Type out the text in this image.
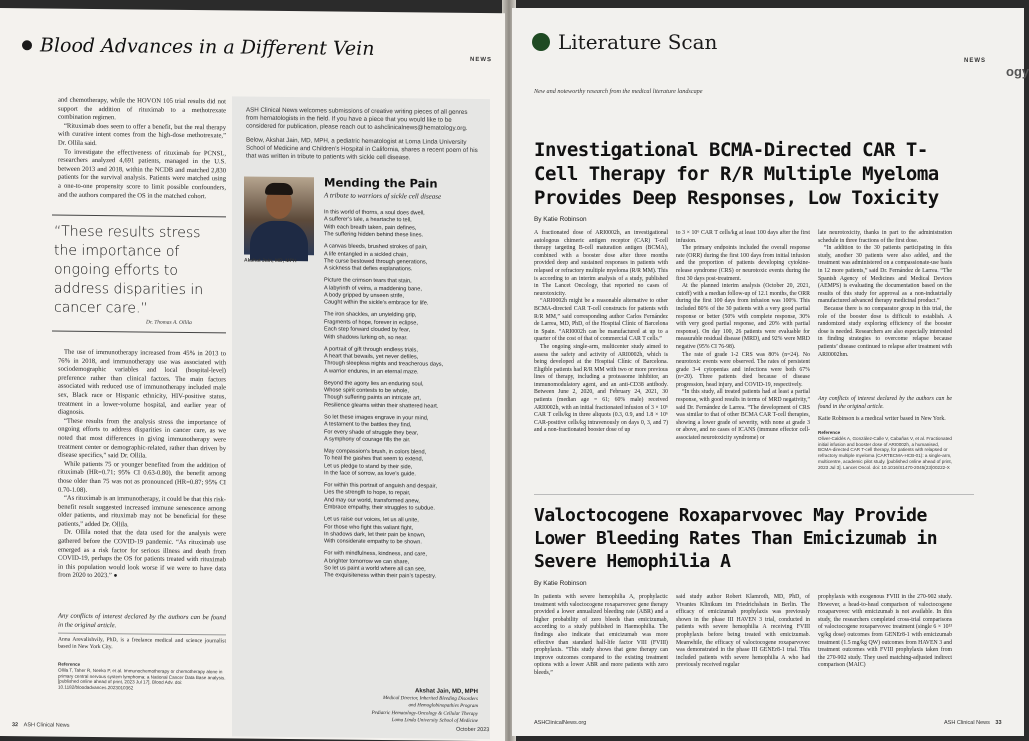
Blood Advances in a Different Vein
NEWS

and chemotherapy, while the HOVON 105 trial results did not support the addition of rituximab to a methotrexate combination regimen.

“Rituximab does seem to offer a benefit, but the real therapy with curative intent comes from the high-dose methotrexate,” Dr. Ollila said.

To investigate the effectiveness of rituximab for PCNSL, researchers analyzed 4,691 patients, managed in the U.S. between 2013 and 2018, within the NCDB and matched 2,830 patients for the survival analysis. Patients were matched using a one-to-one propensity score to limit possible confounders, and the authors compared the OS in the matched cohort.

“These results stress the importance of ongoing efforts to address disparities in cancer care.”
Dr. Thomas A. Ollila

The use of immunotherapy increased from 45% in 2013 to 76% in 2018, and immunotherapy use was associated with sociodemographic variables and local (hospital-level) preference rather than clinical factors. The main factors associated with reduced use of immunotherapy included male sex, Black race or Hispanic ethnicity, HIV-positive status, treatment in a lower-volume hospital, and earlier year of diagnosis.

“These results from the analysis stress the importance of ongoing efforts to address disparities in cancer care, as we noted that most differences in giving immunotherapy were treatment center or demographic-related, rather than driven by disease specifics,” said Dr. Ollila.

While patients 75 or younger benefited from the addition of rituximab (HR=0.71; 95% CI 0.63-0.80), the benefit among those older than 75 was not as pronounced (HR=0.87; 95% CI 0.70-1.08).

“As rituximab is an immunotherapy, it could be that this risk-benefit result suggested increased immune senescence among older patients, and rituximab may not be beneficial for these patients,” added Dr. Ollila.

Dr. Ollila noted that the data used for the analysis were gathered before the COVID-19 pandemic. “As rituximab use emerged as a risk factor for serious illness and death from COVID-19, perhaps the OS for patients treated with rituximab in this population would look worse if we were to have data from 2020 to 2023.” ●

Any conflicts of interest declared by the authors can be found in the original article.
Anna Arevalishvily, PhD, is a freelance medical and science journalist based in New York City.
Reference
Ollila T, Taher R, Neeko P, et al. Immunochemotherapy or chemotherapy alone in primary central nervous system lymphoma: a National Cancer Data Base analysis. [published online ahead of print, 2023 Jul 17]. Blood Adv. doi: 10.1182/bloodadvances.2023010362
ASH Clinical News welcomes submissions of creative writing pieces of all genres from hematologists in the field. If you have a piece that you would like to be considered for publication, please reach out to ashclinicalnews@hematology.org.
Below, Akshat Jain, MD, MPH, a pediatric hematologist at Loma Linda University School of Medicine and Children’s Hospital in California, shares a recent poem of his that was written in tribute to patients with sickle cell disease.
Akshat Jain, MD, MPH
Mending the Pain
A tribute to warriors of sickle cell disease
In this world of thorns, a soul does dwell,
A sufferer’s tale, a heartache to tell,
With each breath taken, pain defines,
The suffering hidden behind these lines.
A canvas bleeds, brushed strokes of pain,
A life entangled in a sickled chain,
The curse bestowed through generations,
A sickness that defies explanations.
Picture the crimson tears that stain,
A labyrinth of veins, a maddening bane,
A body gripped by unseen strife,
Caught within the sickle’s embrace for life.
The iron shackles, an unyielding grip,
Fragments of hope, forever in eclipse,
Each step forward clouded by fear,
With shadows lurking oh, so near.
A portrait of gift through endless trials,
A heart that bewails, yet never defiles,
Through sleepless nights and treacherous days,
A warrior endures, in an eternal maze.
Beyond the agony lies an enduring soul,
Whose spirit contests to be whole,
Though suffering paints an intricate art,
Resilience gleams within their shattered heart.
So let these images engrave in your mind,
A testament to the battles they find,
For every shade of struggle they bear,
A symphony of courage fills the air.
May compassion’s brush, in colors blend,
To heal the gashes that seem to extend,
Let us pledge to stand by their side,
In the face of sorrow, as love’s guide.
For within this portrait of anguish and despair,
Lies the strength to hope, to repair,
And may our world, transformed anew,
Embrace empathy, their struggles to subdue.
Let us raise our voices, let us all unite,
For those who fight this valiant fight,
In shadows dark, let their pain be known,
With considerate empathy to be shown.
For with mindfulness, kindness, and care,
A brighter tomorrow we can share,
So let us paint a world where all can see,
The exquisiteness within their pain’s tapestry.
Akshat Jain, MD, MPH
Medical Director, Inherited Bleeding Disorders
and Hemoglobinopathies Program
Pediatric Hematology-Oncology & Cellular Therapy
Loma Linda University School of Medicine
32 ASH Clinical News
October 2023
Literature Scan
NEWS
ogy
New and noteworthy research from the medical literature landscape
Investigational BCMA-Directed CAR T-Cell Therapy for R/R Multiple Myeloma Provides Deep Responses, Low Toxicity
By Katie Robinson

A fractionated dose of ARI0002h, an investigational autologous chimeric antigen receptor (CAR) T-cell therapy targeting B-cell maturation antigen (BCMA), combined with a booster dose after three months provided deep and sustained responses in patients with relapsed or refractory multiple myeloma (R/R MM). This is according to an interim analysis of a study, published in The Lancet Oncology, that reported no cases of neurotoxicity.

“ARI0002h might be a reasonable alternative to other BCMA-directed CAR T-cell constructs for patients with R/R MM,” said corresponding author Carlos Fernández de Larrea, MD, PhD, of the Hospital Clínic of Barcelona in Spain. “ARI0002h can be manufactured at up to a quarter of the cost of that of commercial CAR T cells.”

The ongoing single-arm, multicenter study aimed to assess the safety and activity of ARI0002h, which is being developed at the Hospital Clínic of Barcelona. Eligible patients had R/R MM with two or more previous lines of therapy, including a proteasome inhibitor, an immunomodulatory agent, and an anti-CD38 antibody. Between June 2, 2020, and February 24, 2021, 30 patients (median age = 61; 60% male) received ARI0002h, with an initial fractionated infusion of 3 × 10⁶ CAR T cells/kg in three aliquots (0.3, 0.9, and 1.8 × 10⁶ CAR-positive cells/kg intravenously on days 0, 3, and 7) and a non-fractionated booster dose of up

to 3 × 10⁶ CAR T cells/kg at least 100 days after the first infusion.

The primary endpoints included the overall response rate (ORR) during the first 100 days from initial infusion and the proportion of patients developing cytokine-release syndrome (CRS) or neurotoxic events during the first 30 days post-treatment.

At the planned interim analysis (October 20, 2021, cutoff) with a median follow-up of 12.1 months, the ORR during the first 100 days from infusion was 100%. This included 80% of the 30 patients with a very good partial response or better (50% with complete response, 30% with very good partial response, and 20% with partial response). On day 100, 26 patients were evaluable for measurable residual disease (MRD), and 92% were MRD negative (95% CI 76-98).

The rate of grade 1-2 CRS was 80% (n=24). No neurotoxic events were observed. The rates of persistent grade 3-4 cytopenias and infections were both 67% (n=20). Three patients died because of disease progression, head injury, and COVID-19, respectively.

“In this study, all treated patients had at least a partial response, with good results in terms of MRD negativity,” said Dr. Fernández de Larrea. “The development of CRS was similar to that of other BCMA CAR T-cell therapies, showing a lower grade of severity, with none at grade 3 or above, and no cases of ICANS (immune effector cell-associated neurotoxicity syndrome) or

late neurotoxicity, thanks in part to the administration schedule in three fractions of the first dose.

“In addition to the 30 patients participating in this study, another 30 patients were also added, and the treatment was administered on a compassionate-use basis in 12 more patients,” said Dr. Fernández de Larrea. “The Spanish Agency of Medicines and Medical Devices (AEMPS) is evaluating the documentation based on the results of this study for approval as a non-industrially manufactured advanced therapy medicinal product.”

Because there is no comparator group in this trial, the role of the booster dose is difficult to establish. A randomized study exploring efficiency of the booster dose is needed. Researchers are also especially interested in finding strategies to overcome relapse because patients’ disease continued to relapse after treatment with ARI0002hm.

Any conflicts of interest declared by the authors can be found in the original article.
Katie Robinson is a medical writer based in New York.
Reference
Oliver-Caldés A, González-Calle V, Cabañas V, et al. Fractionated initial infusion and booster dose of ARI0002h, a humanised, BCMA-directed CAR T-cell therapy, for patients with relapsed or refractory multiple myeloma (CARTBCMA-HCB-01): a single-arm, multicentre, academic pilot study. [published online ahead of print, 2023 Jul 3]. Lancet Oncol. doi: 10.1016/S1470-2045(23)00222-X
Valoctocogene Roxaparvovec May Provide Lower Bleeding Rates Than Emicizumab in Severe Hemophilia A
By Katie Robinson
In patients with severe hemophilia A, prophylactic treatment with valoctocogene roxaparvovec gene therapy provided a lower annualized bleeding rate (ABR) and a higher probability of zero bleeds than emicizumab, according to a study published in Haemophilia. The findings also indicate that emicizumab was more effective than standard half-life factor VIII (FVIII) prophylaxis. “This study shows that gene therapy can improve outcomes compared to the existing treatment options with a lower ABR and more patients with zero bleeds,”
said study author Robert Klamroth, MD, PhD, of Vivantes Klinikum im Friedrichshain in Berlin. The efficacy of emicizumab prophylaxis was previously shown in the phase III HAVEN 3 trial, conducted in patients with severe hemophilia A receiving FVIII prophylaxis before being treated with emicizumab. Meanwhile, the efficacy of valoctocogene roxaparvovec was demonstrated in the phase III GENEr8-1 trial. This included patients with severe hemophilia A who had previously received regular
prophylaxis with exogenous FVIII in the 270-902 study. However, a head-to-head comparison of valoctocogene roxaparvovec with emicizumab is not available. In this study, the researchers completed cross-trial comparisons of valoctocogene roxaparvovec treatment (single 6 × 10¹³ vg/kg dose) outcomes from GENEr8-1 with emicizumab treatment (1.5 mg/kg QW) outcomes from HAVEN 3 and treatment outcomes with FVIII prophylaxis taken from the 270-902 study. They used matching-adjusted indirect comparison (MAIC)
ASHClinicalNews.org	ASH Clinical News 33
